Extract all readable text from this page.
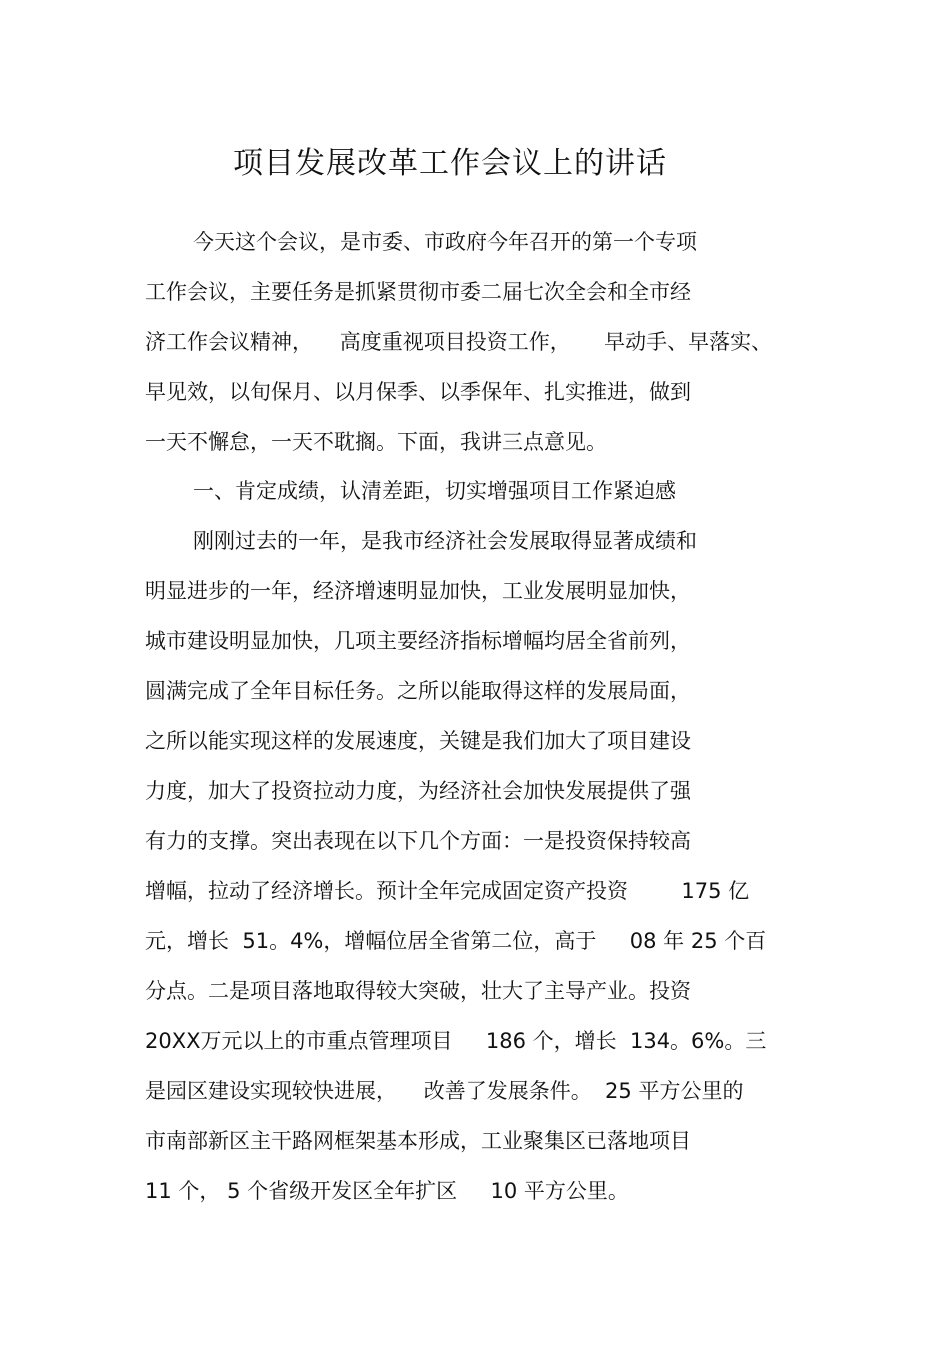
项目发展改革工作会议上的讲话
今天这个会议，是市委、市政府今年召开的第一个专项
工作会议，主要任务是抓紧贯彻市委二届七次全会和全市经
济工作会议精神，    高度重视项目投资工作，     早动手、早落实、
早见效，以旬保月、以月保季、以季保年、扎实推进，做到
一天不懈怠，一天不耽搁。下面，我讲三点意见。
一、肯定成绩，认清差距，切实增强项目工作紧迫感
刚刚过去的一年，是我市经济社会发展取得显著成绩和
明显进步的一年，经济增速明显加快，工业发展明显加快，
城市建设明显加快，几项主要经济指标增幅均居全省前列，
圆满完成了全年目标任务。之所以能取得这样的发展局面，
之所以能实现这样的发展速度，关键是我们加大了项目建设
力度，加大了投资拉动力度，为经济社会加快发展提供了强
有力的支撑。突出表现在以下几个方面：一是投资保持较高
增幅，拉动了经济增长。预计全年完成固定资产投资        175 亿
元，增长  51。4%，增幅位居全省第二位，高于     08 年 25 个百
分点。二是项目落地取得较大突破，壮大了主导产业。投资
20XX万元以上的市重点管理项目     186 个，增长  134。6%。三
是园区建设实现较快进展，    改善了发展条件。  25 平方公里的
市南部新区主干路网框架基本形成，工业聚集区已落地项目
11 个， 5 个省级开发区全年扩区     10 平方公里。
